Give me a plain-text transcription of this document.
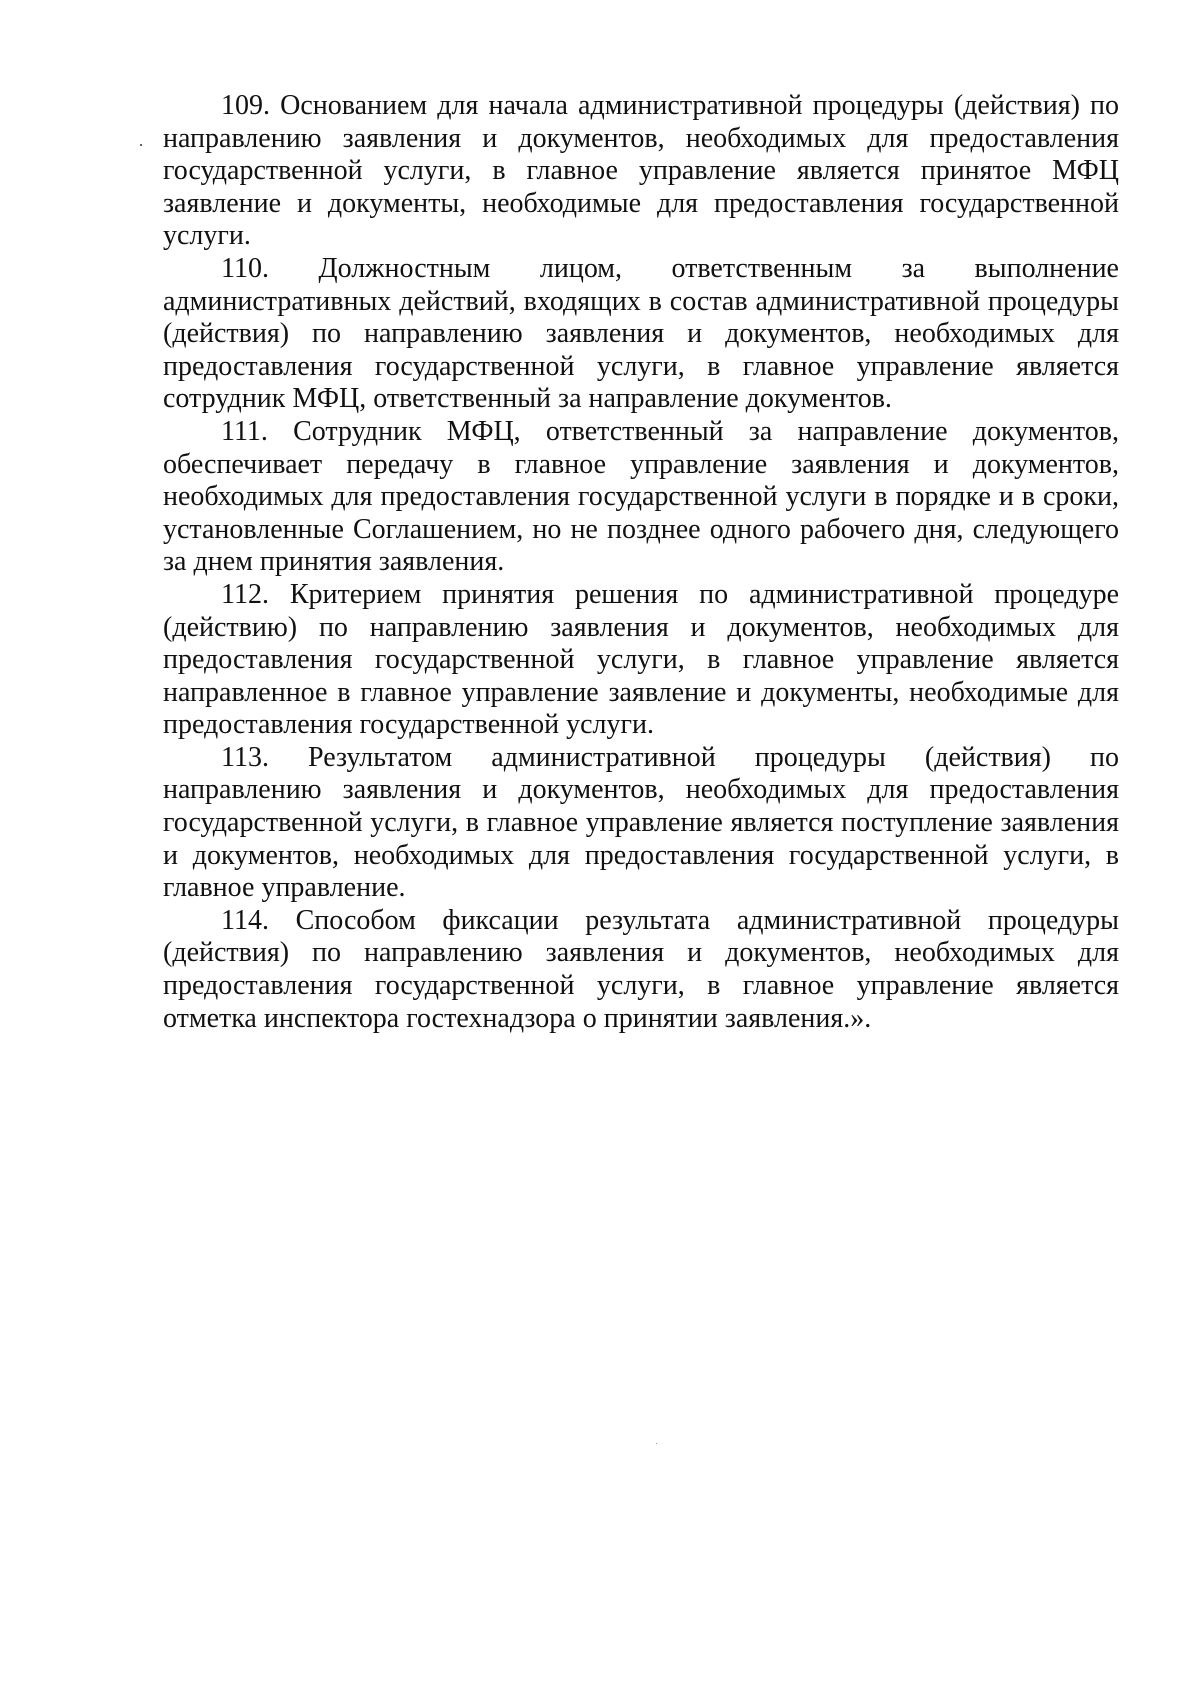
109. Основанием для начала административной процедуры (действия) по направлению заявления и документов, необходимых для предоставления государственной услуги, в главное управление является принятое МФЦ заявление и документы, необходимые для предоставления государственной услуги.

110. Должностным лицом, ответственным за выполнение административных действий, входящих в состав административной процедуры (действия) по направлению заявления и документов, необходимых для предоставления государственной услуги, в главное управление является сотрудник МФЦ, ответственный за направление документов.

111. Сотрудник МФЦ, ответственный за направление документов, обеспечивает передачу в главное управление заявления и документов, необходимых для предоставления государственной услуги в порядке и в сроки, установленные Соглашением, но не позднее одного рабочего дня, следующего за днем принятия заявления.

112. Критерием принятия решения по административной процедуре (действию) по направлению заявления и документов, необходимых для предоставления государственной услуги, в главное управление является направленное в главное управление заявление и документы, необходимые для предоставления государственной услуги.

113. Результатом административной процедуры (действия) по направлению заявления и документов, необходимых для предоставления государственной услуги, в главное управление является поступление заявления и документов, необходимых для предоставления государственной услуги, в главное управление.

114. Способом фиксации результата административной процедуры (действия) по направлению заявления и документов, необходимых для предоставления государственной услуги, в главное управление является отметка инспектора гостехнадзора о принятии заявления.».
